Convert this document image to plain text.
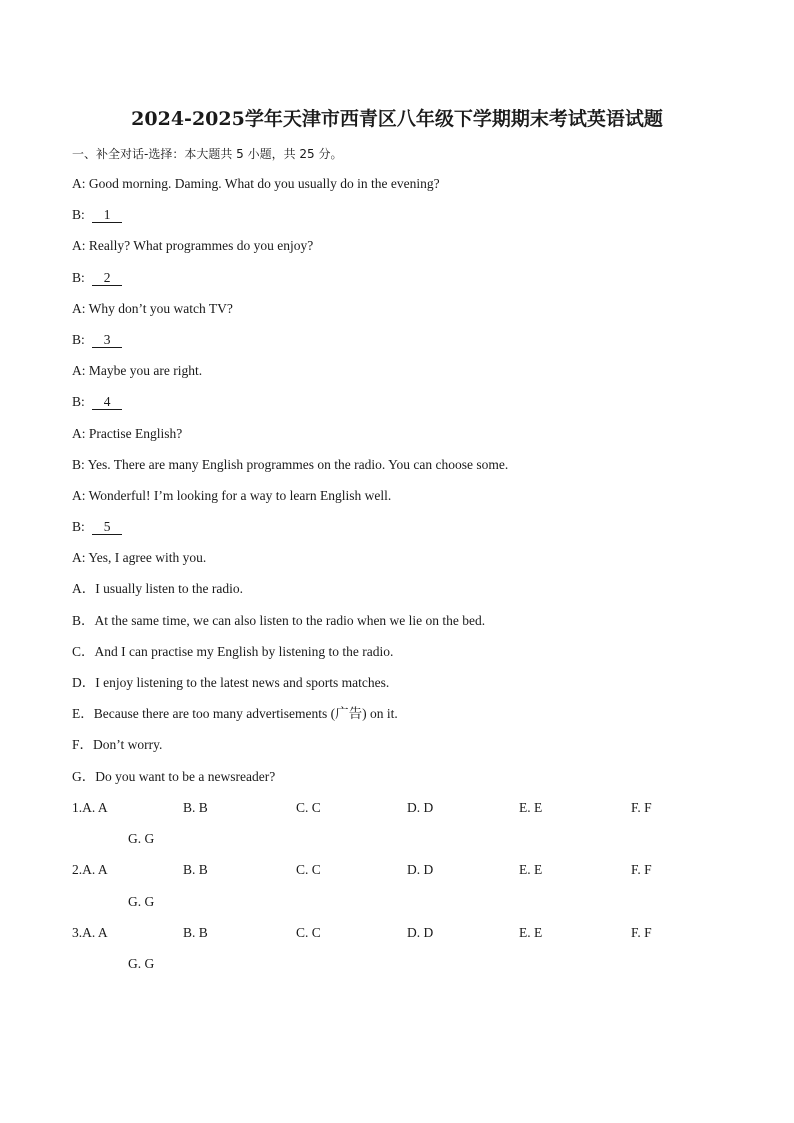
2024-2025学年天津市西青区八年级下学期期末考试英语试题

一、补全对话-选择：本大题共 5 小题，共 25 分。

A: Good morning. Daming. What do you usually do in the evening?
B: 1
A: Really? What programmes do you enjoy?
B: 2
A: Why don’t you watch TV?
B: 3
A: Maybe you are right.
B: 4
A: Practise English?
B: Yes. There are many English programmes on the radio. You can choose some.
A: Wonderful! I’m looking for a way to learn English well.
B: 5
A: Yes, I agree with you.
A．I usually listen to the radio.
B．At the same time, we can also listen to the radio when we lie on the bed.
C．And I can practise my English by listening to the radio.
D．I enjoy listening to the latest news and sports matches.
E．Because there are too many advertisements (广告) on it.
F．Don’t worry.
G．Do you want to be a newsreader?
1.A. A	B. B	C. C	D. D	E. E	F. F
G. G
2.A. A	B. B	C. C	D. D	E. E	F. F
G. G
3.A. A	B. B	C. C	D. D	E. E	F. F
G. G
